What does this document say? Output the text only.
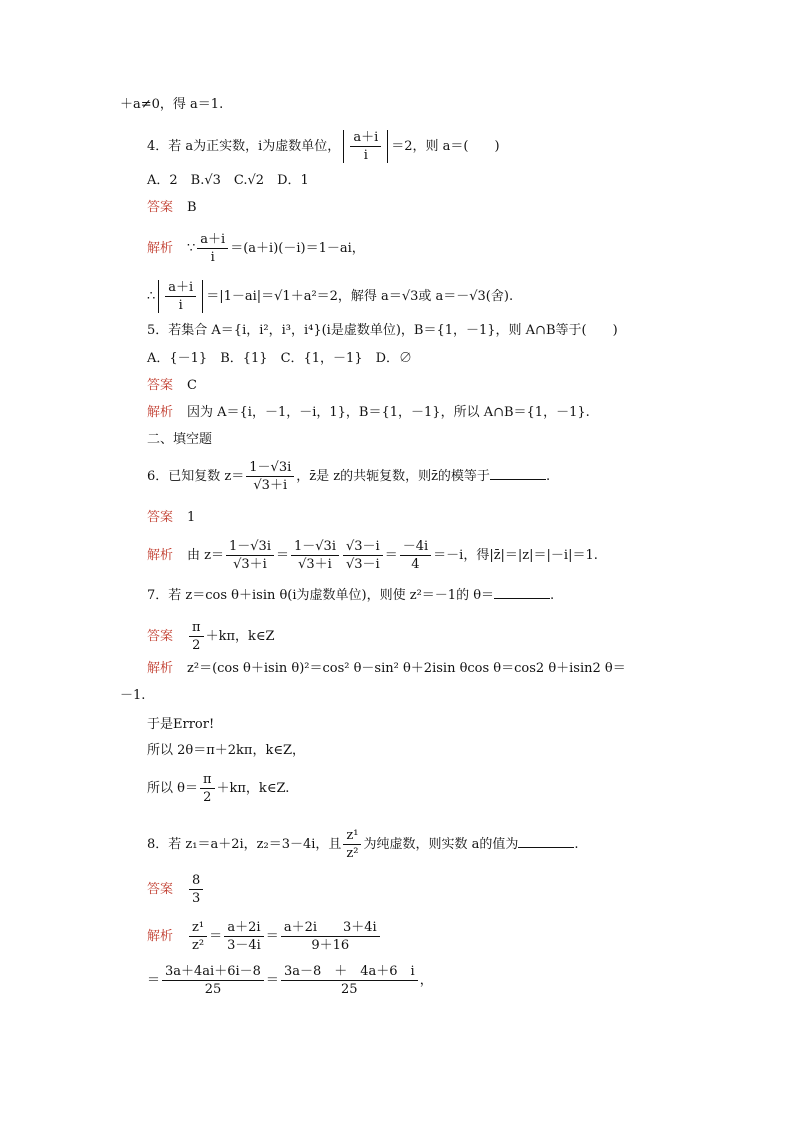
＋a≠0，得 a＝1.
4．若 a为正实数，i为虚数单位， $\frac{a+i}{i} =2$，则 a＝(　　)
A．2　B.√3　C.√2　D．1
答案 B
解析 ∵ $\frac{a+i}{i} =(a+i)(-i)=1-ai$，
∴ $\frac{a+i}{i} =|1-ai|=√1+a^2=2$，解得 a＝√3或 a＝－√3(舍).
5．若集合 A＝{i，i²，i³，i⁴}(i是虚数单位)，B＝{1，－1}，则 A∩B等于(　　)
A．{－1}　B．{1}　C．{1，－1}　D．∅
答案 C
解析 因为 A＝{i，－1，－i，1}，B＝{1，－1}，所以 A∩B＝{1，－1}.
二、填空题
6．已知复数 $z= \frac{1-√3i}{√3+i}$ ，z̄是 z的共轭复数，则z̄的模等于	.
答案 1
解析 由 $z= \frac{1-√3i}{√3+i} = \frac{1-√3i}{√3+i} \frac{√3-i}{√3-i} = \frac{-4i}{4} =-i$，得|z̄|＝|z|＝|－i|＝1.
7．若 z＝cos θ＋isin θ(i为虚数单位)，则使 z²＝－1的 θ＝	.
答案 $\frac{\pi}{2} +k\pi$，k∈Z
解析 z²＝(cos θ＋isin θ)²＝cos² θ－sin² θ＋2isin θcos θ＝cos2 θ＋isin2 θ＝
－1.
于是Error!
所以 2θ＝π＋2kπ，k∈Z，
所以 $\theta= \frac{\pi}{2} +k\pi$，k∈Z.
8．若 z₁＝a＋2i，z₂＝3－4i，且 $\frac{\text{z¹}}{\text{z²}}$ 为纯虚数，则实数 a的值为	.
答案 $\frac{8}{3}$
解析 $\frac{\text{z¹}}{\text{z²}} = \frac{a+2i}{3-4i} = \frac{a+2i 3+4i}{9+16}$
＝ $\frac{3a+4ai+6i-8}{25} = \frac{3a-8 + 4a+6 i}{25}$ ，
